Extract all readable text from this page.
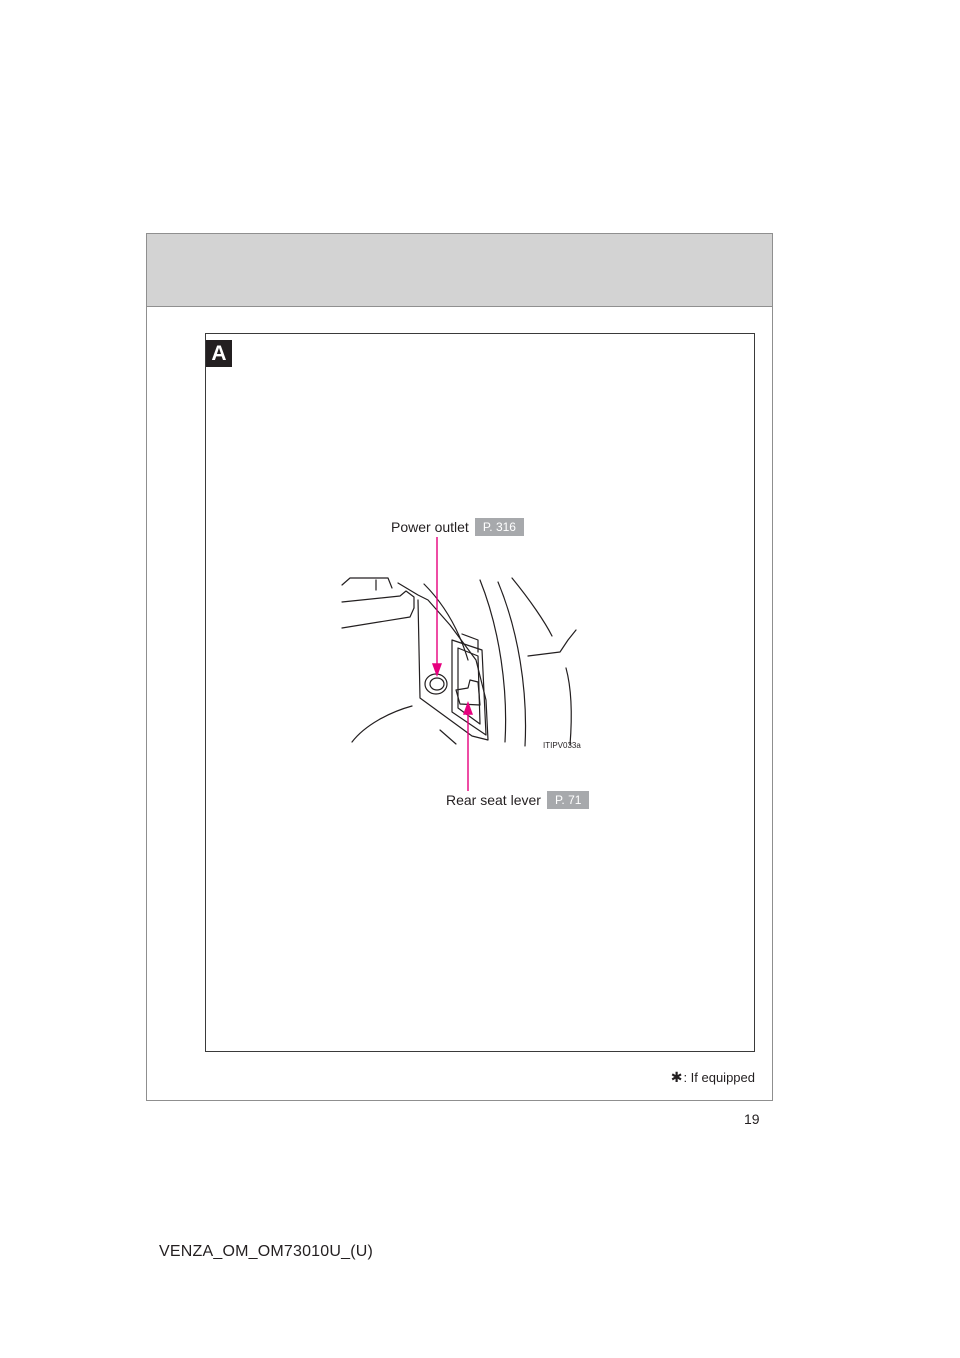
A
Power outlet	P. 316
ITIPV033a
Rear seat lever	P. 71
✱ : If equipped
19
VENZA_OM_OM73010U_(U)
